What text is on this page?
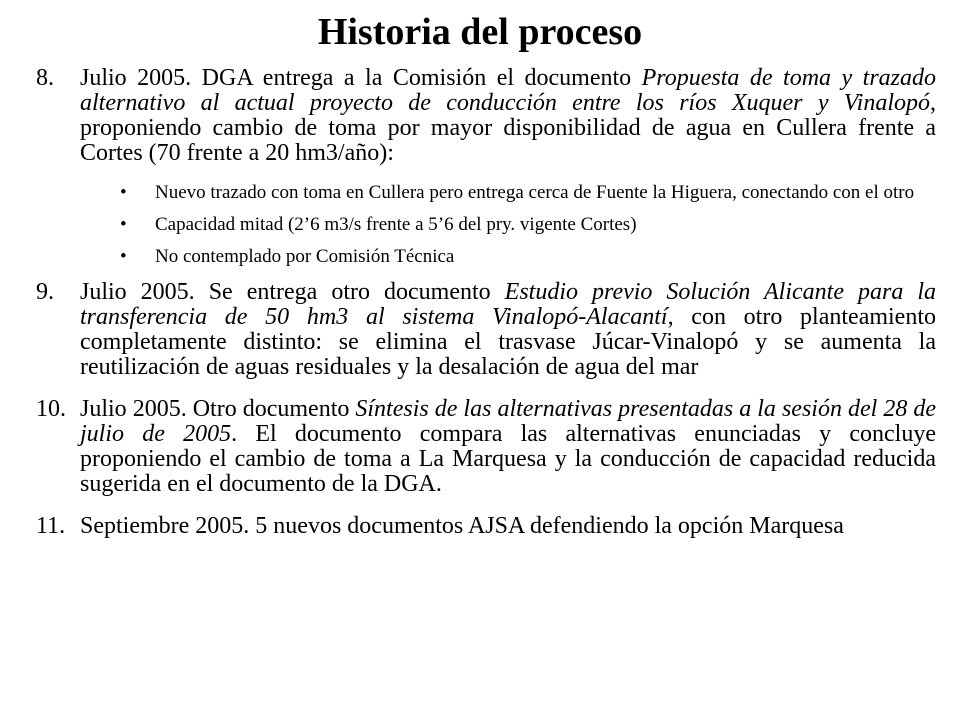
Historia del proceso
8.	Julio 2005. DGA entrega a la Comisión el documento Propuesta de toma y trazado alternativo al actual proyecto de conducción entre los ríos Xuquer y Vinalopó, proponiendo cambio de toma por mayor disponibilidad de agua en Cullera frente a Cortes (70 frente a 20 hm3/año):
•	Nuevo trazado con toma en Cullera pero entrega cerca de Fuente la Higuera, conectando con el otro
•	Capacidad mitad (2’6 m3/s frente a 5’6 del pry. vigente Cortes)
•	No contemplado por Comisión Técnica
9.	Julio 2005. Se entrega otro documento Estudio previo Solución Alicante para la transferencia de 50 hm3 al sistema Vinalopó-Alacantí, con otro planteamiento completamente distinto: se elimina el trasvase Júcar-Vinalopó y se aumenta la reutilización de aguas residuales y la desalación de agua del mar
10. Julio 2005. Otro documento Síntesis de las alternativas presentadas a la sesión del 28 de julio de 2005. El documento compara las alternativas enunciadas y concluye proponiendo el cambio de toma a La Marquesa y la conducción de capacidad reducida sugerida en el documento de la DGA.
11. Septiembre 2005. 5 nuevos documentos AJSA defendiendo la opción Marquesa
